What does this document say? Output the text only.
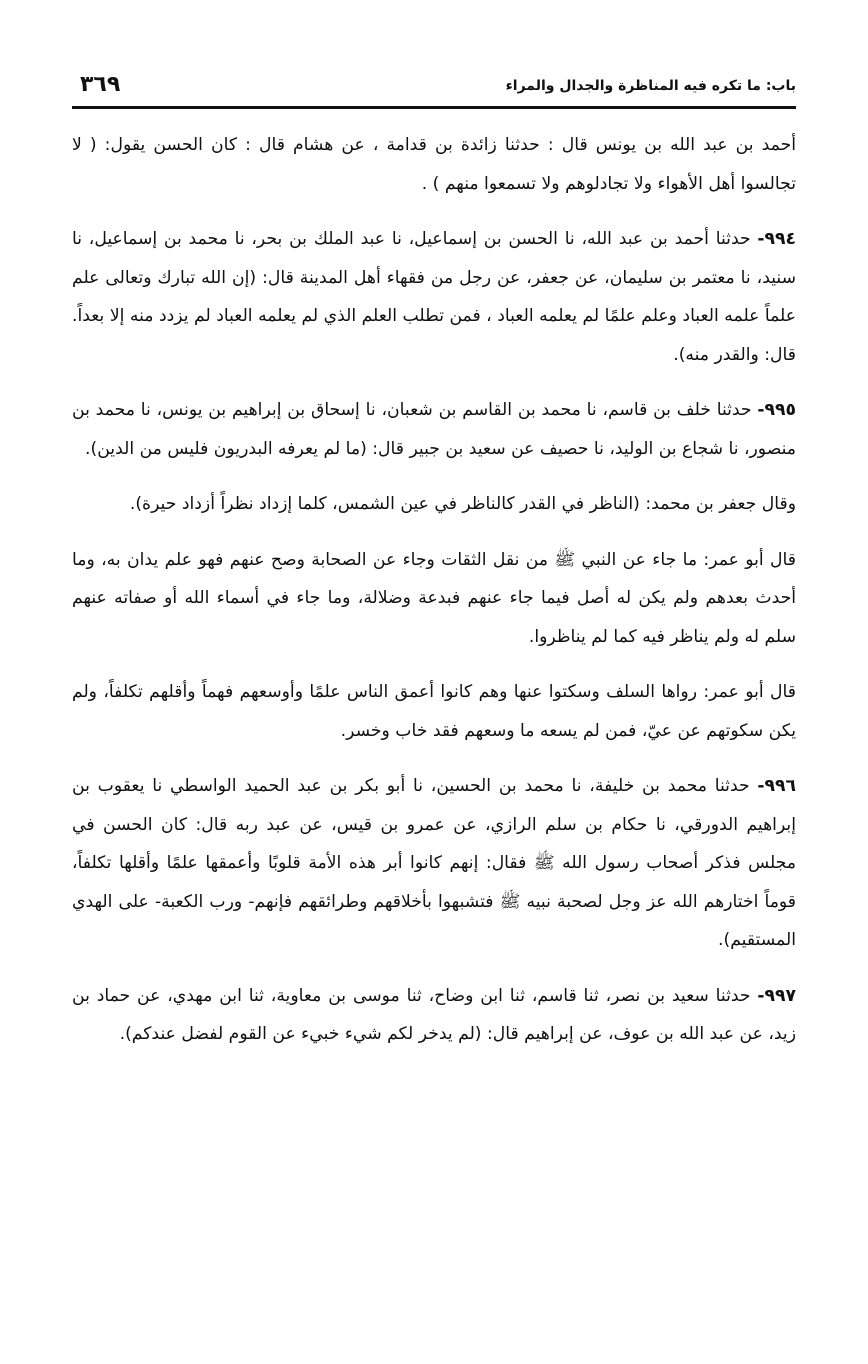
باب: ما تكره فيه المناظرة والجدال والمراء
٣٦٩

أحمد بن عبد الله بن يونس قال : حدثنا زائدة بن قدامة ، عن هشام قال : كان الحسن يقول: ( لا تجالسوا أهل الأهواء ولا تجادلوهم ولا تسمعوا منهم ) .

٩٩٤- حدثنا أحمد بن عبد الله، نا الحسن بن إسماعيل، نا عبد الملك بن بحر، نا محمد بن إسماعيل، نا سنيد، نا معتمر بن سليمان، عن جعفر، عن رجل من فقهاء أهل المدينة قال: (إن الله تبارك وتعالى علم علماً علمه العباد وعلم علمًا لم يعلمه العباد ، فمن تطلب العلم الذي لم يعلمه العباد لم يزدد منه إلا بعداً. قال: والقدر منه).

٩٩٥- حدثنا خلف بن قاسم، نا محمد بن القاسم بن شعبان، نا إسحاق بن إبراهيم بن يونس، نا محمد بن منصور، نا شجاع بن الوليد، نا حصيف عن سعيد بن جبير قال: (ما لم يعرفه البدريون فليس من الدين).

وقال جعفر بن محمد: (الناظر في القدر كالناظر في عين الشمس، كلما إزداد نظراً أزداد حيرة).

قال أبو عمر: ما جاء عن النبي ﷺ من نقل الثقات وجاء عن الصحابة وصح عنهم فهو علم يدان به، وما أحدث بعدهم ولم يكن له أصل فيما جاء عنهم فبدعة وضلالة، وما جاء في أسماء الله أو صفاته عنهم سلم له ولم يناظر فيه كما لم يناظروا.

قال أبو عمر: رواها السلف وسكتوا عنها وهم كانوا أعمق الناس علمًا وأوسعهم فهماً وأقلهم تكلفاً، ولم يكن سكوتهم عن عيّ، فمن لم يسعه ما وسعهم فقد خاب وخسر.

٩٩٦- حدثنا محمد بن خليفة، نا محمد بن الحسين، نا أبو بكر بن عبد الحميد الواسطي نا يعقوب بن إبراهيم الدورقي، نا حكام بن سلم الرازي، عن عمرو بن قيس، عن عبد ربه قال: كان الحسن في مجلس فذكر أصحاب رسول الله ﷺ فقال: إنهم كانوا أبر هذه الأمة قلوبًا وأعمقها علمًا وأقلها تكلفاً، قوماً اختارهم الله عز وجل لصحبة نبيه ﷺ فتشبهوا بأخلاقهم وطرائقهم فإنهم- ورب الكعبة- على الهدي المستقيم).

٩٩٧- حدثنا سعيد بن نصر، ثنا قاسم، ثنا ابن وضاح، ثنا موسى بن معاوية، ثنا ابن مهدي، عن حماد بن زيد، عن عبد الله بن عوف، عن إبراهيم قال: (لم يدخر لكم شيء خبيء عن القوم لفضل عندكم).
